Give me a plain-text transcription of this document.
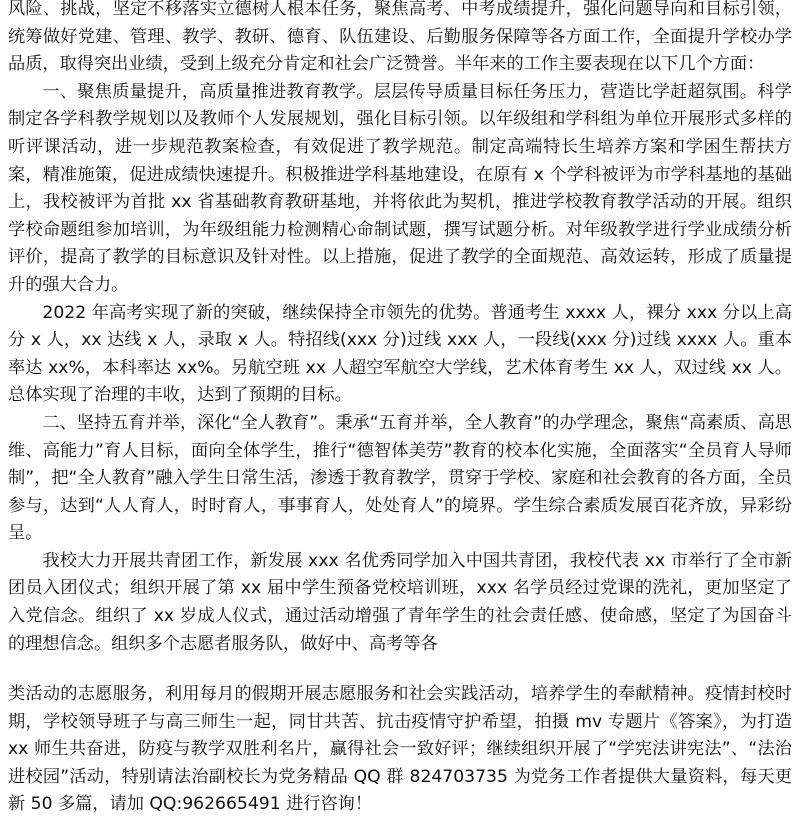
风险、挑战，坚定不移落实立德树人根本任务，聚焦高考、中考成绩提升，强化问题导向和目标引领，统筹做好党建、管理、教学、教研、德育、队伍建设、后勤服务保障等各方面工作，全面提升学校办学品质，取得突出业绩，受到上级充分肯定和社会广泛赞誉。半年来的工作主要表现在以下几个方面：

一、聚焦质量提升，高质量推进教育教学。层层传导质量目标任务压力，营造比学赶超氛围。科学制定各学科教学规划以及教师个人发展规划，强化目标引领。以年级组和学科组为单位开展形式多样的听评课活动，进一步规范教案检查，有效促进了教学规范。制定高端特长生培养方案和学困生帮扶方案，精准施策，促进成绩快速提升。积极推进学科基地建设，在原有 x 个学科被评为市学科基地的基础上，我校被评为首批 xx 省基础教育教研基地，并将依此为契机，推进学校教育教学活动的开展。组织学校命题组参加培训，为年级组能力检测精心命制试题，撰写试题分析。对年级教学进行学业成绩分析评价，提高了教学的目标意识及针对性。以上措施，促进了教学的全面规范、高效运转，形成了质量提升的强大合力。

2022 年高考实现了新的突破，继续保持全市领先的优势。普通考生 xxxx 人，裸分 xxx 分以上高分 x 人，xx 达线 x 人，录取 x 人。特招线(xxx 分)过线 xxx 人，一段线(xxx 分)过线 xxxx 人。重本率达 xx%，本科率达 xx%。另航空班 xx 人超空军航空大学线，艺术体育考生 xx 人，双过线 xx 人。总体实现了治理的丰收，达到了预期的目标。

二、坚持五育并举，深化“全人教育”。秉承“五育并举，全人教育”的办学理念，聚焦“高素质、高思维、高能力”育人目标，面向全体学生，推行“德智体美劳”教育的校本化实施，全面落实“全员育人导师制”，把“全人教育”融入学生日常生活，渗透于教育教学，贯穿于学校、家庭和社会教育的各方面，全员参与，达到“人人育人，时时育人，事事育人，处处育人”的境界。学生综合素质发展百花齐放，异彩纷呈。

我校大力开展共青团工作，新发展 xxx 名优秀同学加入中国共青团，我校代表 xx 市举行了全市新团员入团仪式；组织开展了第 xx 届中学生预备党校培训班，xxx 名学员经过党课的洗礼，更加坚定了入党信念。组织了 xx 岁成人仪式，通过活动增强了青年学生的社会责任感、使命感，坚定了为国奋斗的理想信念。组织多个志愿者服务队，做好中、高考等各

类活动的志愿服务，利用每月的假期开展志愿服务和社会实践活动，培养学生的奉献精神。疫情封校时期，学校领导班子与高三师生一起，同甘共苦、抗击疫情守护希望，拍摄 mv 专题片《答案》，为打造 xx 师生共奋进，防疫与教学双胜利名片，赢得社会一致好评；继续组织开展了“学宪法讲宪法”、“法治进校园”活动，特别请法治副校长为党务精品 QQ 群 824703735 为党务工作者提供大量资料，每天更新 50 多篇，请加 QQ:962665491 进行咨询！
